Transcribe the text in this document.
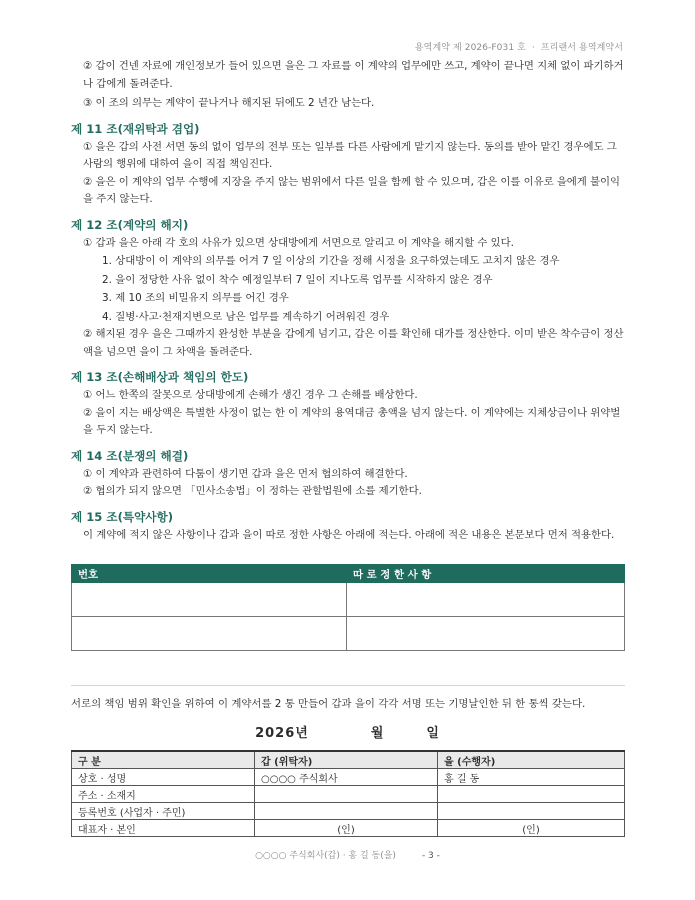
용역계약 제 2026-F031 호 · 프리랜서 용역계약서

② 갑이 건넨 자료에 개인정보가 들어 있으면 을은 그 자료를 이 계약의 업무에만 쓰고, 계약이 끝나면 지체 없이 파기하거나 갑에게 돌려준다.

③ 이 조의 의무는 계약이 끝나거나 해지된 뒤에도 2 년간 남는다.

제 11 조(재위탁과 겸업)

① 을은 갑의 사전 서면 동의 없이 업무의 전부 또는 일부를 다른 사람에게 맡기지 않는다. 동의를 받아 맡긴 경우에도 그 사람의 행위에 대하여 을이 직접 책임진다.

② 을은 이 계약의 업무 수행에 지장을 주지 않는 범위에서 다른 일을 함께 할 수 있으며, 갑은 이를 이유로 을에게 불이익을 주지 않는다.

제 12 조(계약의 해지)

① 갑과 을은 아래 각 호의 사유가 있으면 상대방에게 서면으로 알리고 이 계약을 해지할 수 있다.

1. 상대방이 이 계약의 의무를 어겨 7 일 이상의 기간을 정해 시정을 요구하였는데도 고치지 않은 경우
2. 을이 정당한 사유 없이 착수 예정일부터 7 일이 지나도록 업무를 시작하지 않은 경우
3. 제 10 조의 비밀유지 의무를 어긴 경우
4. 질병·사고·천재지변으로 남은 업무를 계속하기 어려워진 경우

② 해지된 경우 을은 그때까지 완성한 부분을 갑에게 넘기고, 갑은 이를 확인해 대가를 정산한다. 이미 받은 착수금이 정산액을 넘으면 을이 그 차액을 돌려준다.

제 13 조(손해배상과 책임의 한도)

① 어느 한쪽의 잘못으로 상대방에게 손해가 생긴 경우 그 손해를 배상한다.

② 을이 지는 배상액은 특별한 사정이 없는 한 이 계약의 용역대금 총액을 넘지 않는다. 이 계약에는 지체상금이나 위약벌을 두지 않는다.

제 14 조(분쟁의 해결)

① 이 계약과 관련하여 다툼이 생기면 갑과 을은 먼저 협의하여 해결한다.

② 협의가 되지 않으면 「민사소송법」이 정하는 관할법원에 소를 제기한다.

제 15 조(특약사항)

이 계약에 적지 않은 사항이나 갑과 을이 따로 정한 사항은 아래에 적는다. 아래에 적은 내용은 본문보다 먼저 적용한다.

번호	따 로 정 한 사 항

서로의 책임 범위 확인을 위하여 이 계약서를 2 통 만들어 갑과 을이 각각 서명 또는 기명날인한 뒤 한 통씩 갖는다.
2026년	월	일
구 분	갑 (위탁자)	을 (수행자)
상호 · 성명	○○○○ 주식회사	홍 길 동
주소 · 소재지		
등록번호 (사업자 · 주민)		
대표자 · 본인	(인)	(인)
○○○○ 주식회사(갑) · 홍 길 동(을)	- 3 -
